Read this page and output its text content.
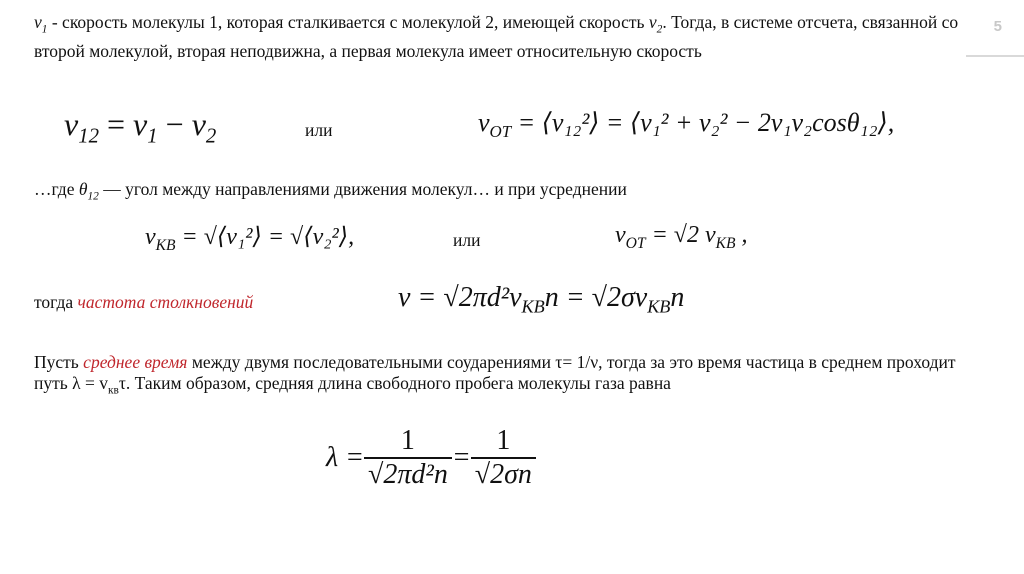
5
$v_1$ - скорость молекулы 1, которая сталкивается с молекулой 2, имеющей скорость $v_2$. Тогда, в системе отсчета, связанной со второй молекулой, вторая неподвижна, а первая молекула имеет относительную скорость
$v_{12} = v_1 - v_2$	или	$v_{OT}$ = ⟨v₁₂²⟩ = ⟨v₁² + v₂² − 2v₁v₂cosθ₁₂⟩,
…где $\theta_{12}$ — угол между направлениями движения молекул… и при усреднении
$v_{КВ}$ = √⟨v₁²⟩ = √⟨v₂²⟩,	или	$v_{OT} = √2$ $v_{КВ}$ ,
тогда частота столкновений	$\nu = √2\pi d^2v_{КВ}n = √2\sigma v_{КВ}n$
Пусть среднее время между двумя последовательными соударениями τ= 1/ν, тогда за это время частица в среднем проходит путь $\lambda = v_{кв}\tau$. Таким образом, средняя длина свободного пробега молекулы газа равна
$\lambda = \frac{1}{\text{√2πd²n}} = \frac{1}{√2\sigma n}$
